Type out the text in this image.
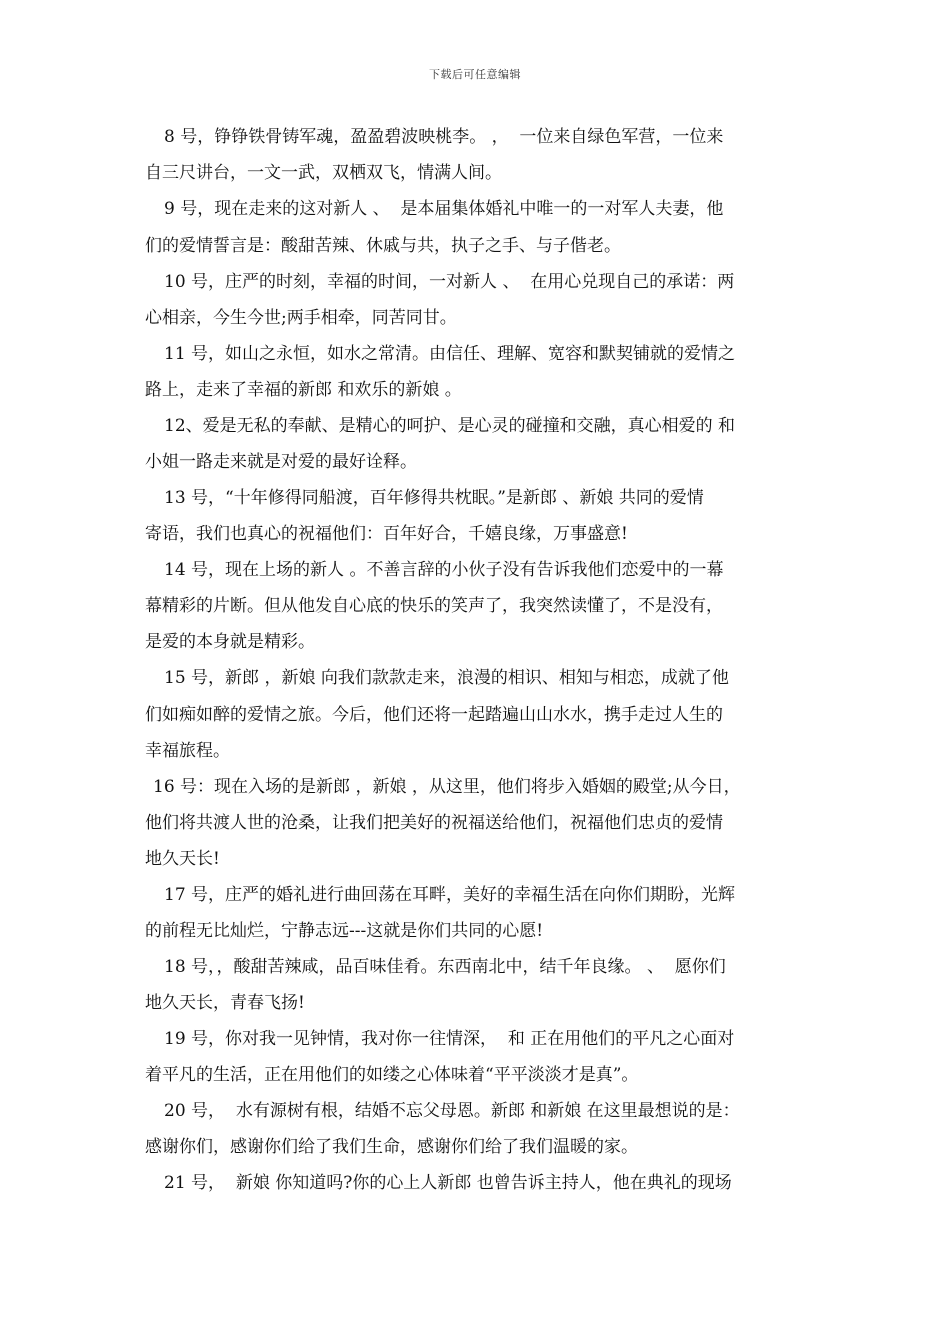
下载后可任意编辑
8 号，铮铮铁骨铸军魂，盈盈碧波映桃李。 ，  一位来自绿色军营，一位来
自三尺讲台，一文一武，双栖双飞，情满人间。
9 号，现在走来的这对新人 、  是本届集体婚礼中唯一的一对军人夫妻，他
们的爱情誓言是：酸甜苦辣、休戚与共，执子之手、与子偕老。
10 号，庄严的时刻，幸福的时间，一对新人 、  在用心兑现自己的承诺：两
心相亲，今生今世;两手相牵，同苦同甘。
11 号，如山之永恒，如水之常清。由信任、理解、宽容和默契铺就的爱情之
路上，走来了幸福的新郎 和欢乐的新娘 。
12、爱是无私的奉献、是精心的呵护、是心灵的碰撞和交融，真心相爱的 和
小姐一路走来就是对爱的最好诠释。
13 号，“十年修得同船渡，百年修得共枕眠。”是新郎 、新娘 共同的爱情
寄语，我们也真心的祝福他们：百年好合，千嬉良缘，万事盛意!
14 号，现在上场的新人 。不善言辞的小伙子没有告诉我他们恋爱中的一幕
幕精彩的片断。但从他发自心底的快乐的笑声了，我突然读懂了，不是没有，
是爱的本身就是精彩。
15 号，新郎 ，新娘 向我们款款走来，浪漫的相识、相知与相恋，成就了他
们如痴如醉的爱情之旅。今后，他们还将一起踏遍山山水水，携手走过人生的
幸福旅程。
16 号：现在入场的是新郎 ，新娘 ，从这里，他们将步入婚姻的殿堂;从今日，
他们将共渡人世的沧桑，让我们把美好的祝福送给他们，祝福他们忠贞的爱情
地久天长!
17 号，庄严的婚礼进行曲回荡在耳畔，美好的幸福生活在向你们期盼，光辉
的前程无比灿烂，宁静志远---这就是你们共同的心愿!
18 号，，酸甜苦辣咸，品百味佳肴。东西南北中，结千年良缘。 、  愿你们
地久天长，青春飞扬!
19 号，你对我一见钟情，我对你一往情深，  和 正在用他们的平凡之心面对
着平凡的生活，正在用他们的如缕之心体味着“平平淡淡才是真”。
20 号，  水有源树有根，结婚不忘父母恩。新郎 和新娘 在这里最想说的是：
感谢你们，感谢你们给了我们生命，感谢你们给了我们温暖的家。
21 号，  新娘 你知道吗?你的心上人新郎 也曾告诉主持人，他在典礼的现场
